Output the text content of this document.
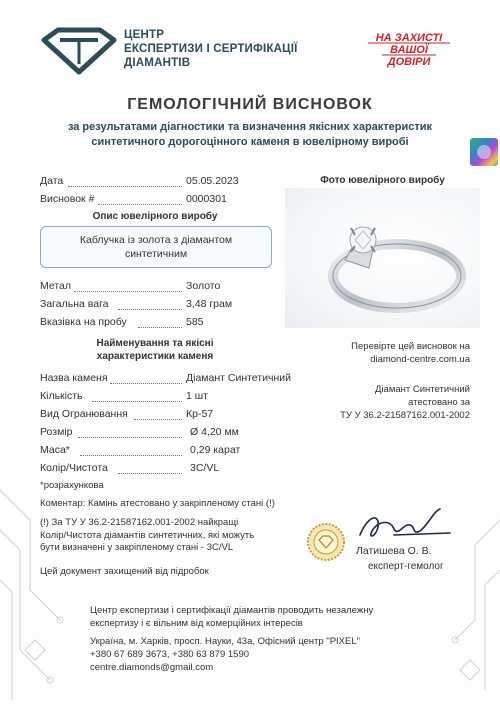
ЦЕНТР
ЕКСПЕРТИЗИ І СЕРТИФІКАЦІЇ
ДІАМАНТІВ
НА ЗАХИСТІ
ВАШОЇ
ДОВІРИ
ГЕМОЛОГІЧНИЙ ВИСНОВОК
за результатами діагностики та визначення якісних характеристик
синтетичного дорогоцінного каменя в ювелірному виробі
Дата	05.05.2023
Висновок #	0000301
Опис ювелірного виробу
Каблучка із золота з діамантом
синтетичним
Метал	Золото
Загальна вага	3,48 грам
Вказівка на пробу	585
Найменування та якісні
характеристики каменя
Назва каменя	Діамант Синтетичний
Кількість	1 шт
Вид Огранювання	Кр-57
Розмір	Ø 4,20 мм
Маса*	0,29 карат
Колір/Чистота	3С/VL
*розрахункова
Фото ювелірного виробу
Перевірте цей висновок на
diamond-centre.com.ua
Діамант Синтетичний
атестовано за
ТУ У 36.2-21587162.001-2002
Коментар: Камінь атестовано у закріпленому стані (!)
(!) За ТУ У 36.2-21587162.001-2002 найкращі
Колір/Чистота діамантів синтетичних, які можуть
бути визначені у закріпленому стані - 3С/VL
Цей документ захищений від підробок
Латишева О. В.
експерт-гемолог
Центр експертизи і сертифікації діамантів проводить незалежну
експертизу і є вільним від комерційних інтересів
Україна, м. Харків, просп. Науки, 43а, Офісний центр "PIXEL"
+380 67 689 3673, +380 63 879 1590
centre.diamonds@gmail.com
